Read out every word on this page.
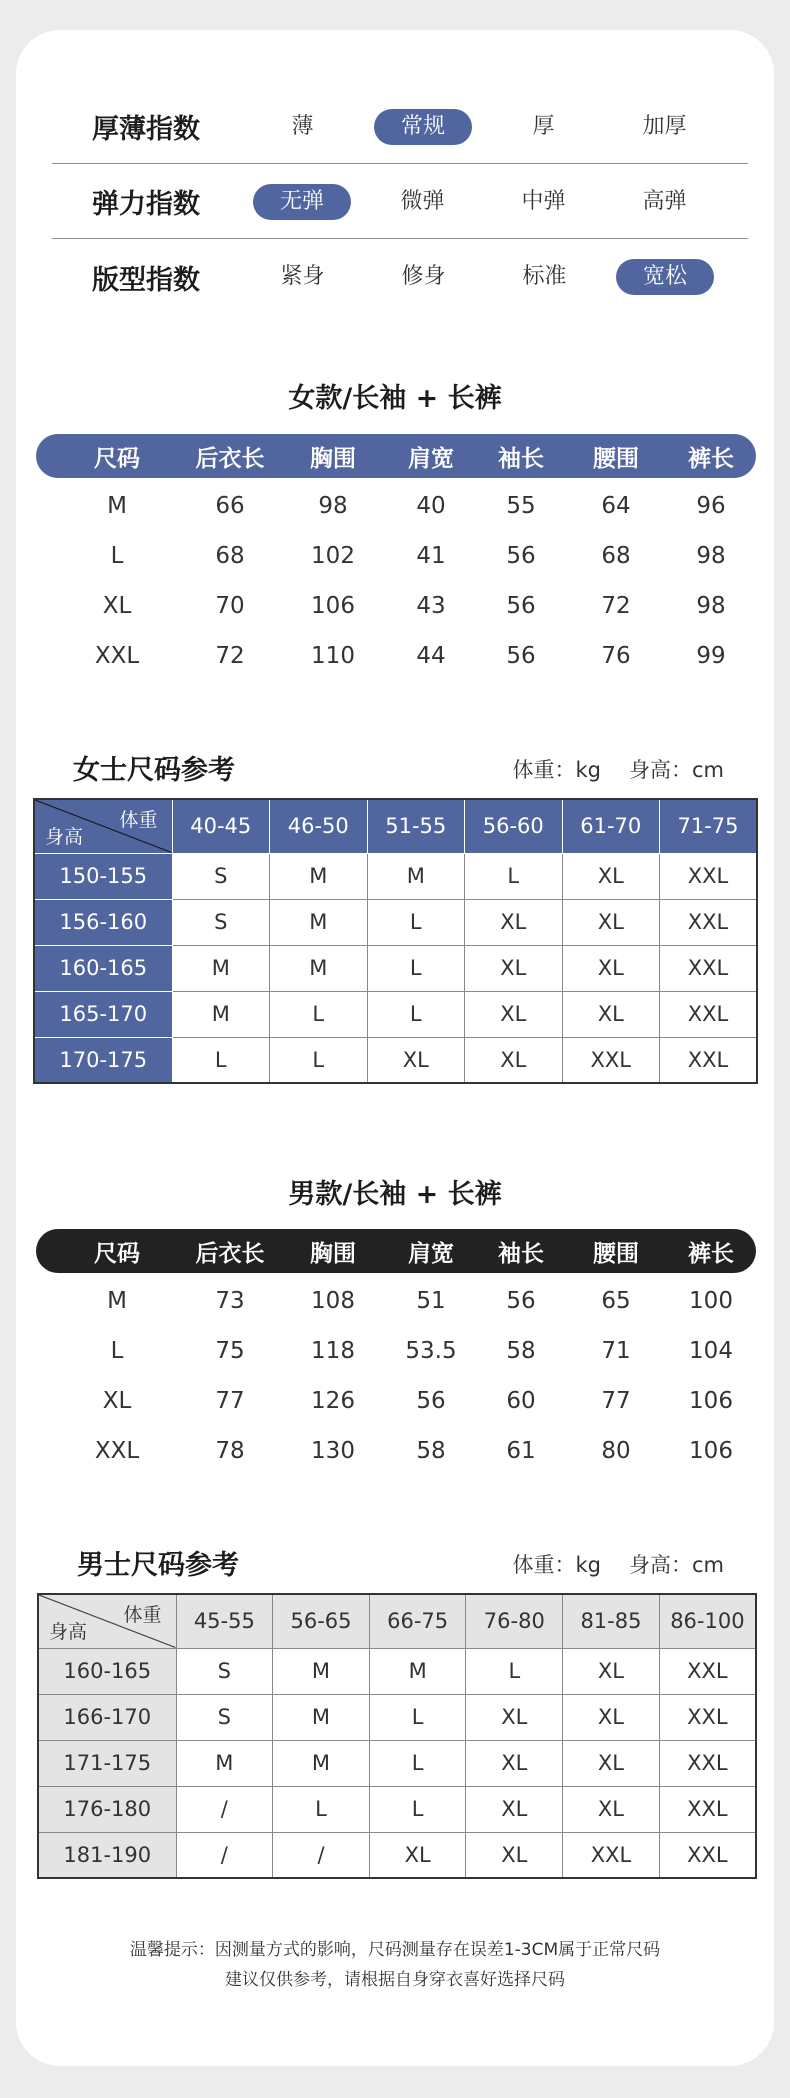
厚薄指数	薄	常规	厚	加厚
弹力指数	无弹	微弹	中弹	高弹
版型指数	紧身	修身	标准	宽松
女款/长袖 + 长裤
尺码	后衣长	胸围	肩宽	袖长	腰围	裤长
M	66	98	40	55	64	96
L	68	102	41	56	68	98
XL	70	106	43	56	72	98
XXL	72	110	44	56	76	99
女士尺码参考	体重：kg 身高：cm
体重
身高	40-45	46-50	51-55	56-60	61-70	71-75
150-155	S	M	M	L	XL	XXL
156-160	S	M	L	XL	XL	XXL
160-165	M	M	L	XL	XL	XXL
165-170	M	L	L	XL	XL	XXL
170-175	L	L	XL	XL	XXL	XXL
男款/长袖 + 长裤
尺码	后衣长	胸围	肩宽	袖长	腰围	裤长
M	73	108	51	56	65	100
L	75	118	53.5	58	71	104
XL	77	126	56	60	77	106
XXL	78	130	58	61	80	106
男士尺码参考	体重：kg 身高：cm
体重
身高	45-55	56-65	66-75	76-80	81-85	86-100
160-165	S	M	M	L	XL	XXL
166-170	S	M	L	XL	XL	XXL
171-175	M	M	L	XL	XL	XXL
176-180	/	L	L	XL	XL	XXL
181-190	/	/	XL	XL	XXL	XXL
温馨提示：因测量方式的影响，尺码测量存在误差1-3CM属于正常尺码
建议仅供参考，请根据自身穿衣喜好选择尺码
